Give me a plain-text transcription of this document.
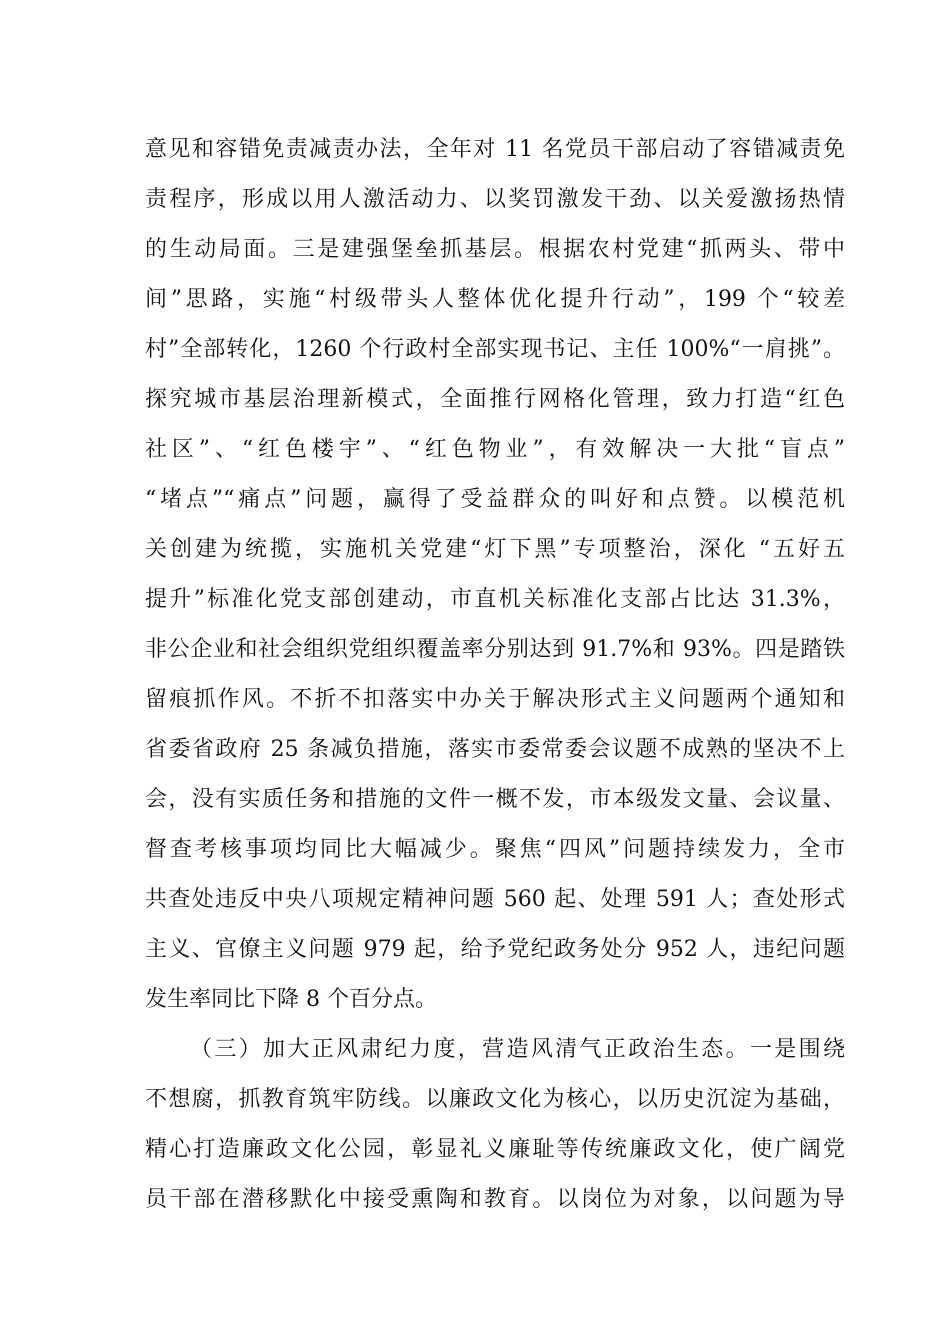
意见和容错免责减责办法，全年对 11 名党员干部启动了容错减责免
责程序，形成以用人激活动力、以奖罚激发干劲、以关爱激扬热情
的生动局面。三是建强堡垒抓基层。根据农村党建“抓两头、带中
间”思路，实施“村级带头人整体优化提升行动”，199 个“较差
村”全部转化，1260 个行政村全部实现书记、主任 100%“一肩挑”。
探究城市基层治理新模式，全面推行网格化管理，致力打造“红色
社区”、“红色楼宇”、“红色物业”，有效解决一大批“盲点”
“堵点”“痛点”问题，赢得了受益群众的叫好和点赞。以模范机
关创建为统揽，实施机关党建“灯下黑”专项整治，深化 “五好五
提升”标准化党支部创建动，市直机关标准化支部占比达 31.3%，
非公企业和社会组织党组织覆盖率分别达到 91.7%和 93%。四是踏铁
留痕抓作风。不折不扣落实中办关于解决形式主义问题两个通知和
省委省政府 25 条减负措施，落实市委常委会议题不成熟的坚决不上
会，没有实质任务和措施的文件一概不发，市本级发文量、会议量、
督查考核事项均同比大幅减少。聚焦“四风”问题持续发力，全市
共查处违反中央八项规定精神问题 560 起、处理 591 人；查处形式
主义、官僚主义问题 979 起，给予党纪政务处分 952 人，违纪问题
发生率同比下降 8 个百分点。
（三）加大正风肃纪力度，营造风清气正政治生态。一是围绕
不想腐，抓教育筑牢防线。以廉政文化为核心，以历史沉淀为基础，
精心打造廉政文化公园，彰显礼义廉耻等传统廉政文化，使广阔党
员干部在潜移默化中接受熏陶和教育。以岗位为对象，以问题为导
